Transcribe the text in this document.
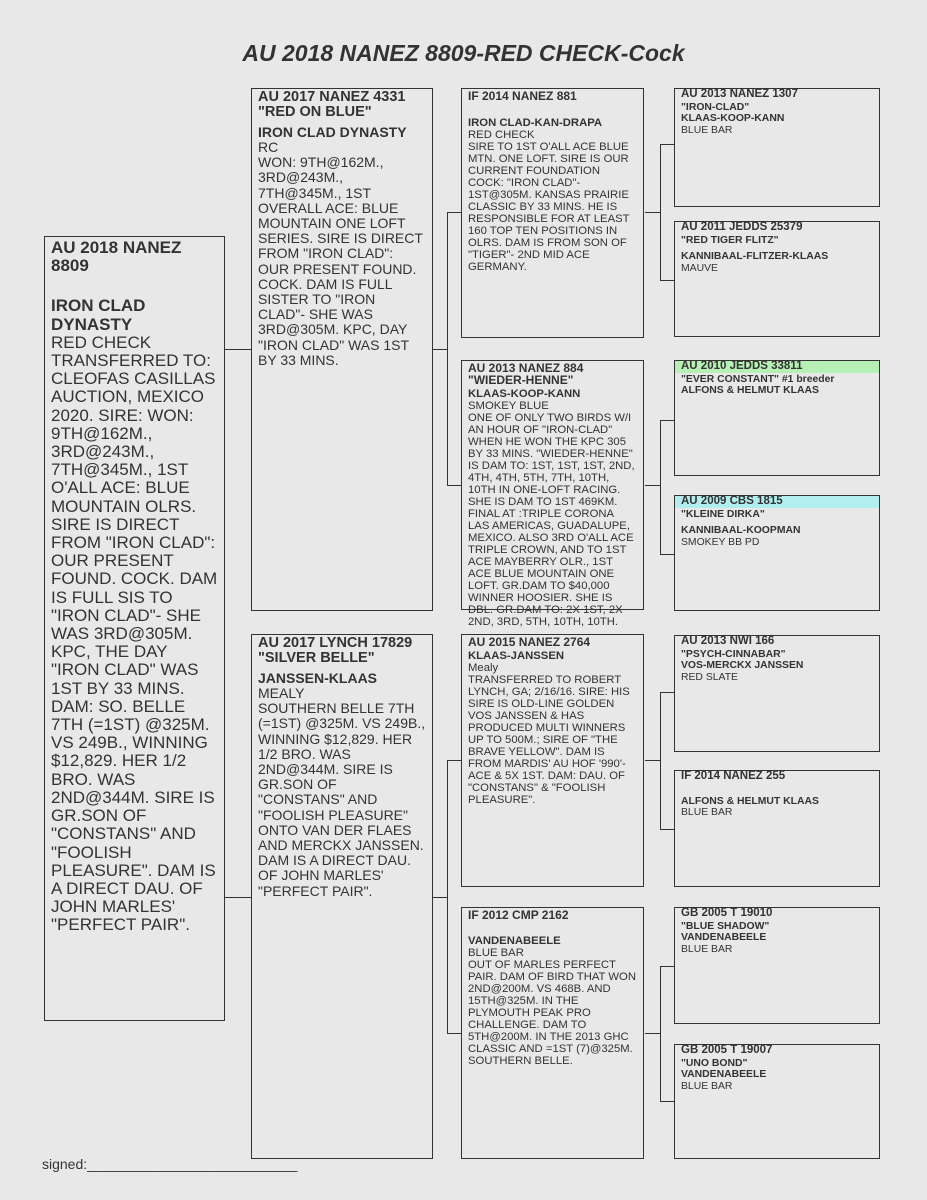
AU 2018 NANEZ 8809-RED CHECK-Cock
AU 2018 NANEZ 8809
IRON CLAD DYNASTY
RED CHECK
TRANSFERRED TO: CLEOFAS CASILLAS AUCTION, MEXICO 2020. SIRE: WON: 9TH@162M., 3RD@243M., 7TH@345M., 1ST O'ALL ACE: BLUE MOUNTAIN OLRS. SIRE IS DIRECT FROM "IRON CLAD": OUR PRESENT FOUND. COCK. DAM IS FULL SIS TO "IRON CLAD"- SHE WAS 3RD@305M. KPC, THE DAY "IRON CLAD" WAS 1ST BY 33 MINS. DAM: SO. BELLE 7TH (=1ST) @325M. VS 249B., WINNING $12,829. HER 1/2 BRO. WAS 2ND@344M. SIRE IS GR.SON OF "CONSTANS" AND "FOOLISH PLEASURE". DAM IS A DIRECT DAU. OF JOHN MARLES' "PERFECT PAIR".
AU 2017 NANEZ 4331
"RED ON BLUE"
IRON CLAD DYNASTY
RC
WON: 9TH@162M., 3RD@243M., 7TH@345M., 1ST OVERALL ACE: BLUE MOUNTAIN ONE LOFT SERIES. SIRE IS DIRECT FROM "IRON CLAD": OUR PRESENT FOUND. COCK. DAM IS FULL SISTER TO "IRON CLAD"- SHE WAS 3RD@305M. KPC, DAY "IRON CLAD" WAS 1ST BY 33 MINS.
AU 2017 LYNCH 17829
"SILVER BELLE"
JANSSEN-KLAAS
MEALY
SOUTHERN BELLE 7TH (=1ST) @325M. VS 249B., WINNING $12,829. HER 1/2 BRO. WAS 2ND@344M. SIRE IS GR.SON OF "CONSTANS" AND "FOOLISH PLEASURE" ONTO VAN DER FLAES AND MERCKX JANSSEN. DAM IS A DIRECT DAU. OF JOHN MARLES' "PERFECT PAIR".
IF 2014 NANEZ 881
IRON CLAD-KAN-DRAPA
RED CHECK
SIRE TO 1ST O'ALL ACE BLUE MTN. ONE LOFT. SIRE IS OUR CURRENT FOUNDATION COCK: "IRON CLAD"- 1ST@305M. KANSAS PRAIRIE CLASSIC BY 33 MINS. HE IS RESPONSIBLE FOR AT LEAST 160 TOP TEN POSITIONS IN OLRS. DAM IS FROM SON OF "TIGER"- 2ND MID ACE GERMANY.
AU 2013 NANEZ 884
"WIEDER-HENNE"
KLAAS-KOOP-KANN
SMOKEY BLUE
ONE OF ONLY TWO BIRDS W/I AN HOUR OF "IRON-CLAD" WHEN HE WON THE KPC 305 BY 33 MINS. "WIEDER-HENNE" IS DAM TO: 1ST, 1ST, 1ST, 2ND, 4TH, 4TH, 5TH, 7TH, 10TH, 10TH IN ONE-LOFT RACING. SHE IS DAM TO 1ST 469KM. FINAL AT :TRIPLE CORONA LAS AMERICAS, GUADALUPE, MEXICO. ALSO 3RD O'ALL ACE TRIPLE CROWN, AND TO 1ST ACE MAYBERRY OLR., 1ST ACE BLUE MOUNTAIN ONE LOFT. GR.DAM TO $40,000 WINNER HOOSIER. SHE IS DBL. GR.DAM TO: 2X 1ST, 2X 2ND, 3RD, 5TH, 10TH, 10TH.
AU 2015 NANEZ 2764
KLAAS-JANSSEN
Mealy
TRANSFERRED TO ROBERT LYNCH, GA; 2/16/16. SIRE: HIS SIRE IS OLD-LINE GOLDEN VOS JANSSEN & HAS PRODUCED MULTI WINNERS UP TO 500M.; SIRE OF "THE BRAVE YELLOW". DAM IS FROM MARDIS' AU HOF '990'- ACE & 5X 1ST. DAM: DAU. OF "CONSTANS" & "FOOLISH PLEASURE".
IF 2012 CMP 2162
VANDENABEELE
BLUE BAR
OUT OF MARLES PERFECT PAIR. DAM OF BIRD THAT WON 2ND@200M. VS 468B. AND 15TH@325M. IN THE PLYMOUTH PEAK PRO CHALLENGE. DAM TO 5TH@200M. IN THE 2013 GHC CLASSIC AND =1ST (7)@325M. SOUTHERN BELLE.
AU 2013 NANEZ 1307
"IRON-CLAD"
KLAAS-KOOP-KANN
BLUE BAR
AU 2011 JEDDS 25379
"RED TIGER FLITZ"
KANNIBAAL-FLITZER-KLAAS
MAUVE
AU 2010 JEDDS 33811
"EVER CONSTANT" #1 breeder
ALFONS & HELMUT KLAAS
AU 2009 CBS 1815
"KLEINE DIRKA"
KANNIBAAL-KOOPMAN
SMOKEY BB PD
AU 2013 NWI 166
"PSYCH-CINNABAR"
VOS-MERCKX JANSSEN
RED SLATE
IF 2014 NANEZ 255
ALFONS & HELMUT KLAAS
BLUE BAR
GB 2005 T 19010
"BLUE SHADOW"
VANDENABEELE
BLUE BAR
GB 2005 T 19007
"UNO BOND"
VANDENABEELE
BLUE BAR
signed:___________________________
